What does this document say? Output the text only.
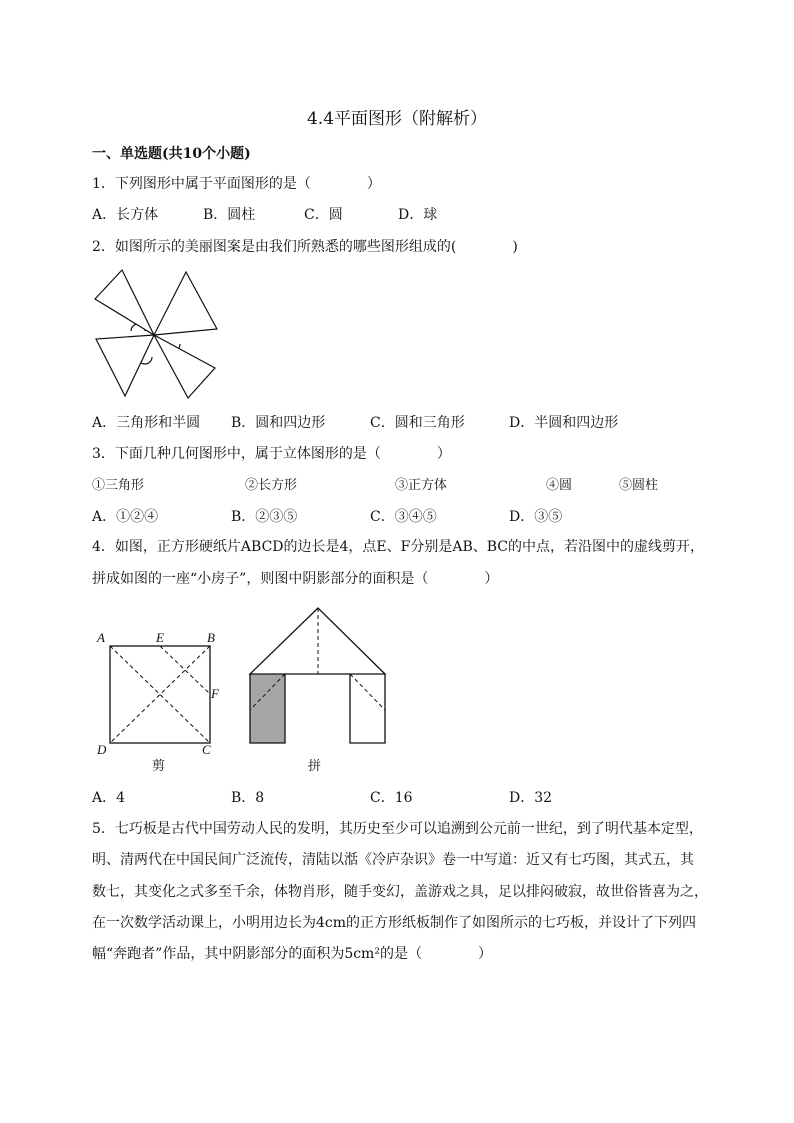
4.4平面图形（附解析）
一、单选题(共10个小题)
1．下列图形中属于平面图形的是（　　　　）
A．长方体	B．圆柱	C．圆	D．球
2．如图所示的美丽图案是由我们所熟悉的哪些图形组成的(　　　　)
A．三角形和半圆 B．圆和四边形	C．圆和三角形	D．半圆和四边形
3．下面几种几何图形中，属于立体图形的是（　　　　）
①三角形	②长方形	③正方体	④圆	⑤圆柱
A．①②④	B．②③⑤	C．③④⑤	D．③⑤
4．如图，正方形硬纸片ABCD的边长是4，点E、F分别是AB、BC的中点，若沿图中的虚线剪开，
拼成如图的一座“小房子”，则图中阴影部分的面积是（　　　　）
A	E	B
F
D	C
剪	拼
A．4	B．8	C．16	D．32
5．七巧板是古代中国劳动人民的发明，其历史至少可以追溯到公元前一世纪，到了明代基本定型，
明、清两代在中国民间广泛流传，清陆以湉《冷庐杂识》卷一中写道：近又有七巧图，其式五，其
数七，其变化之式多至千余，体物肖形，随手变幻，盖游戏之具，足以排闷破寂，故世俗皆喜为之，
在一次数学活动课上，小明用边长为4cm的正方形纸板制作了如图所示的七巧板，并设计了下列四
幅“奔跑者”作品，其中阴影部分的面积为5cm²的是（　　　　）
